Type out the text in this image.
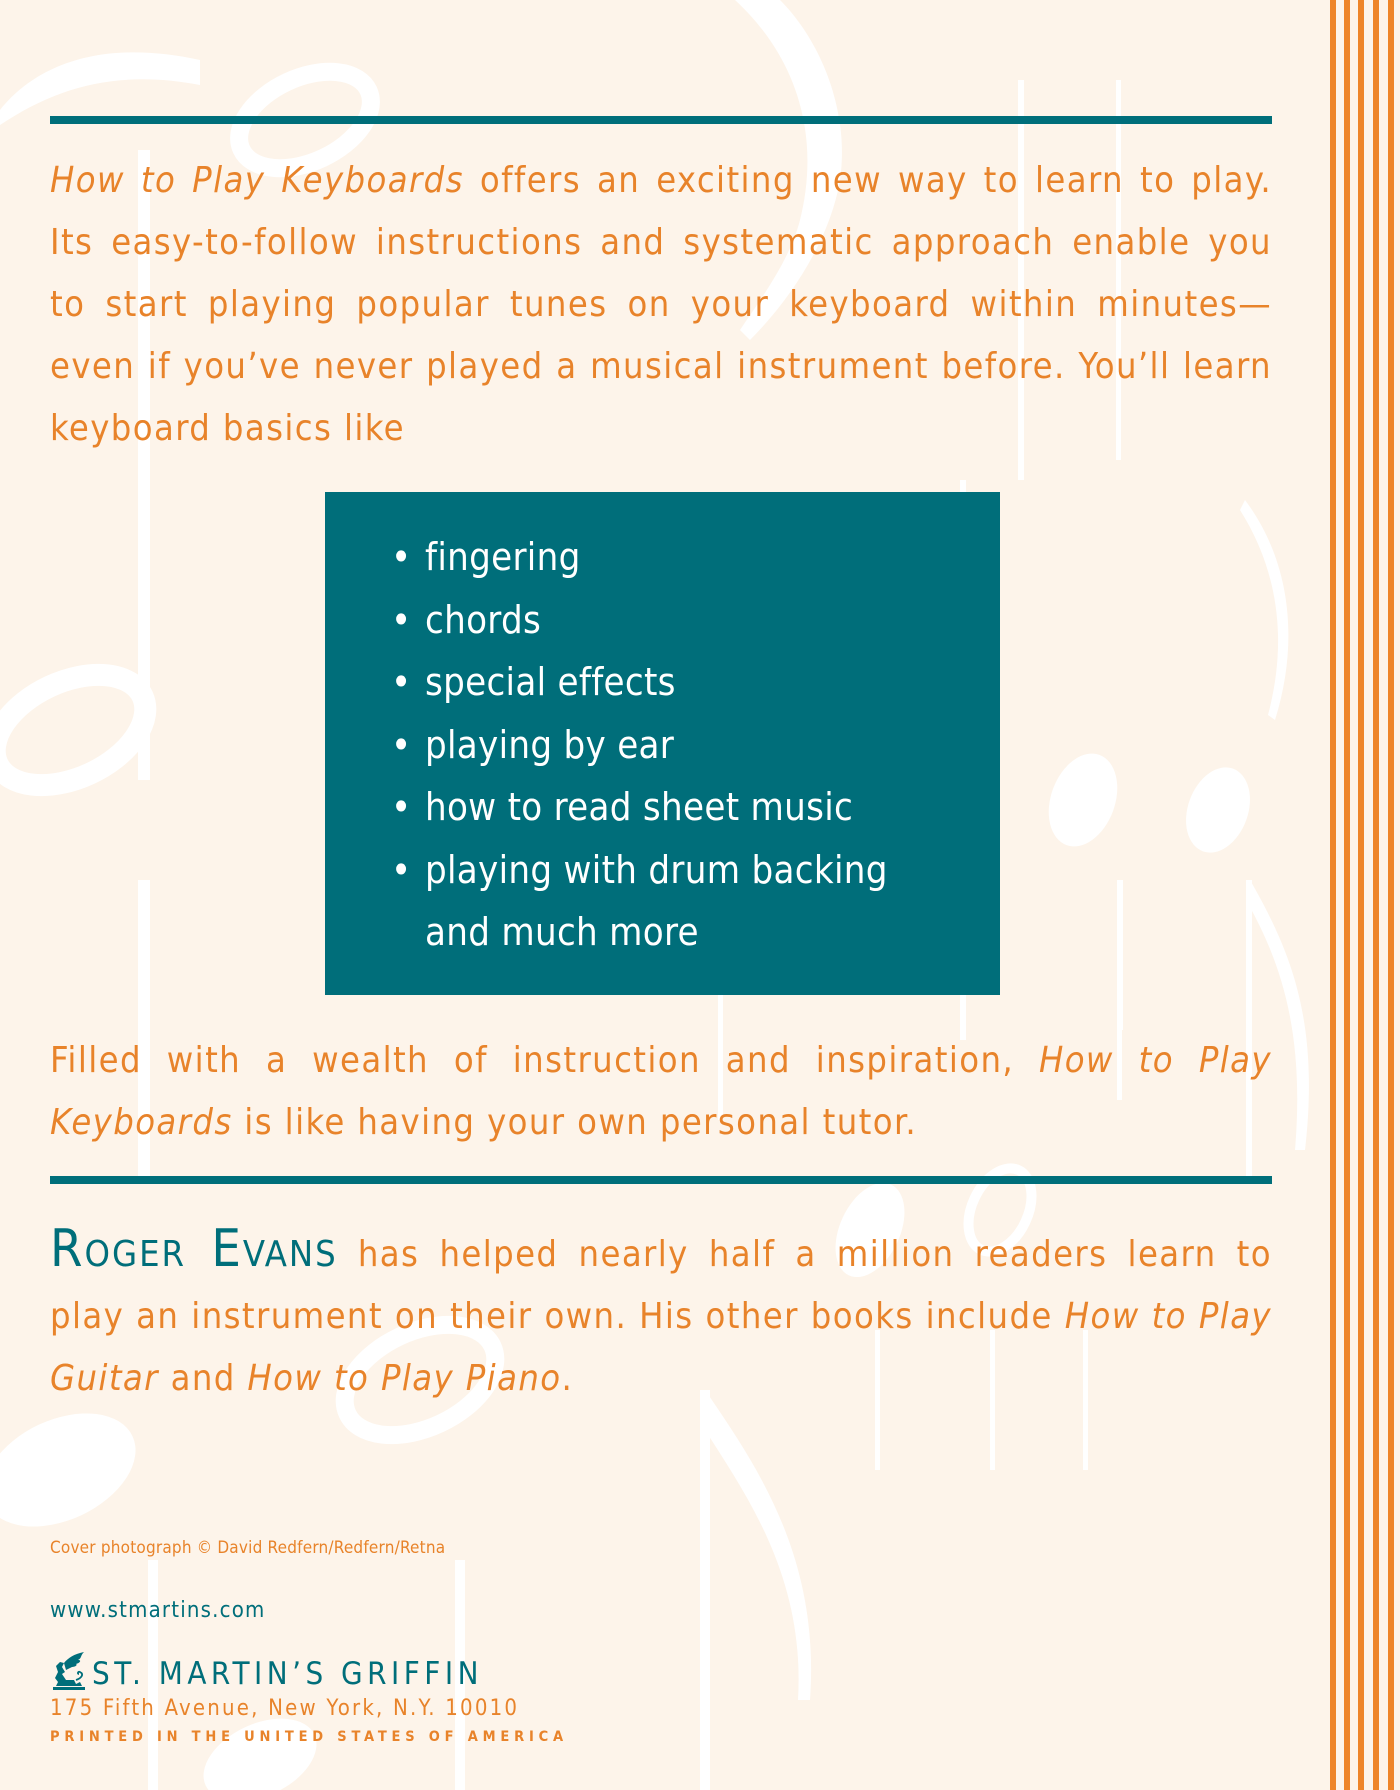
How to Play Keyboards offers an exciting new way to learn to play. Its easy-to-follow instructions and systematic approach enable you to start playing popular tunes on your keyboard within minutes—even if you’ve never played a musical instrument before. You’ll learn keyboard basics like

• fingering
• chords
• special effects
• playing by ear
• how to read sheet music
• playing with drum backing
and much more

Filled with a wealth of instruction and inspiration, How to Play Keyboards is like having your own personal tutor.

Roger Evans has helped nearly half a million readers learn to play an instrument on their own. His other books include How to Play Guitar and How to Play Piano.

Cover photograph © David Redfern/Redfern/Retna
www.stmartins.com
ST. MARTIN’S GRIFFIN
175 Fifth Avenue, New York, N.Y. 10010
PRINTED IN THE UNITED STATES OF AMERICA
